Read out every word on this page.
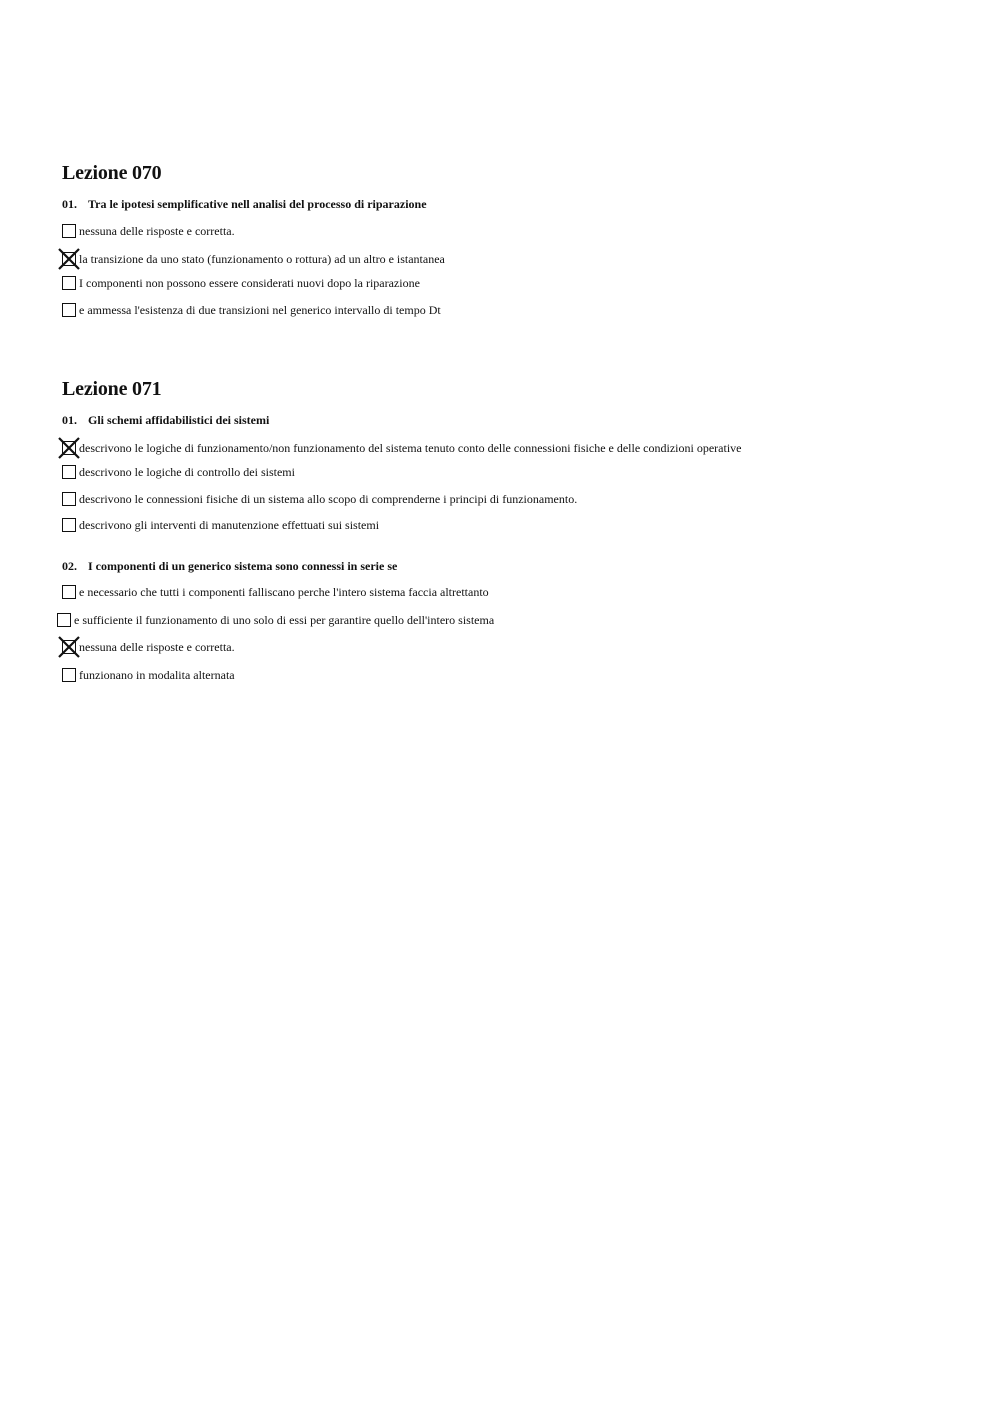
Lezione 070

01. Tra le ipotesi semplificative nell analisi del processo di riparazione

nessuna delle risposte e corretta.
la transizione da uno stato (funzionamento o rottura) ad un altro e istantanea
I componenti non possono essere considerati nuovi dopo la riparazione
e ammessa l'esistenza di due transizioni nel generico intervallo di tempo Dt
Lezione 071

01. Gli schemi affidabilistici dei sistemi

descrivono le logiche di funzionamento/non funzionamento del sistema tenuto conto delle connessioni fisiche e delle condizioni operative
descrivono le logiche di controllo dei sistemi
descrivono le connessioni fisiche di un sistema allo scopo di comprenderne i principi di funzionamento.
descrivono gli interventi di manutenzione effettuati sui sistemi

02. I componenti di un generico sistema sono connessi in serie se

e necessario che tutti i componenti falliscano perche l'intero sistema faccia altrettanto
e sufficiente il funzionamento di uno solo di essi per garantire quello dell'intero sistema
nessuna delle risposte e corretta.
funzionano in modalita alternata
